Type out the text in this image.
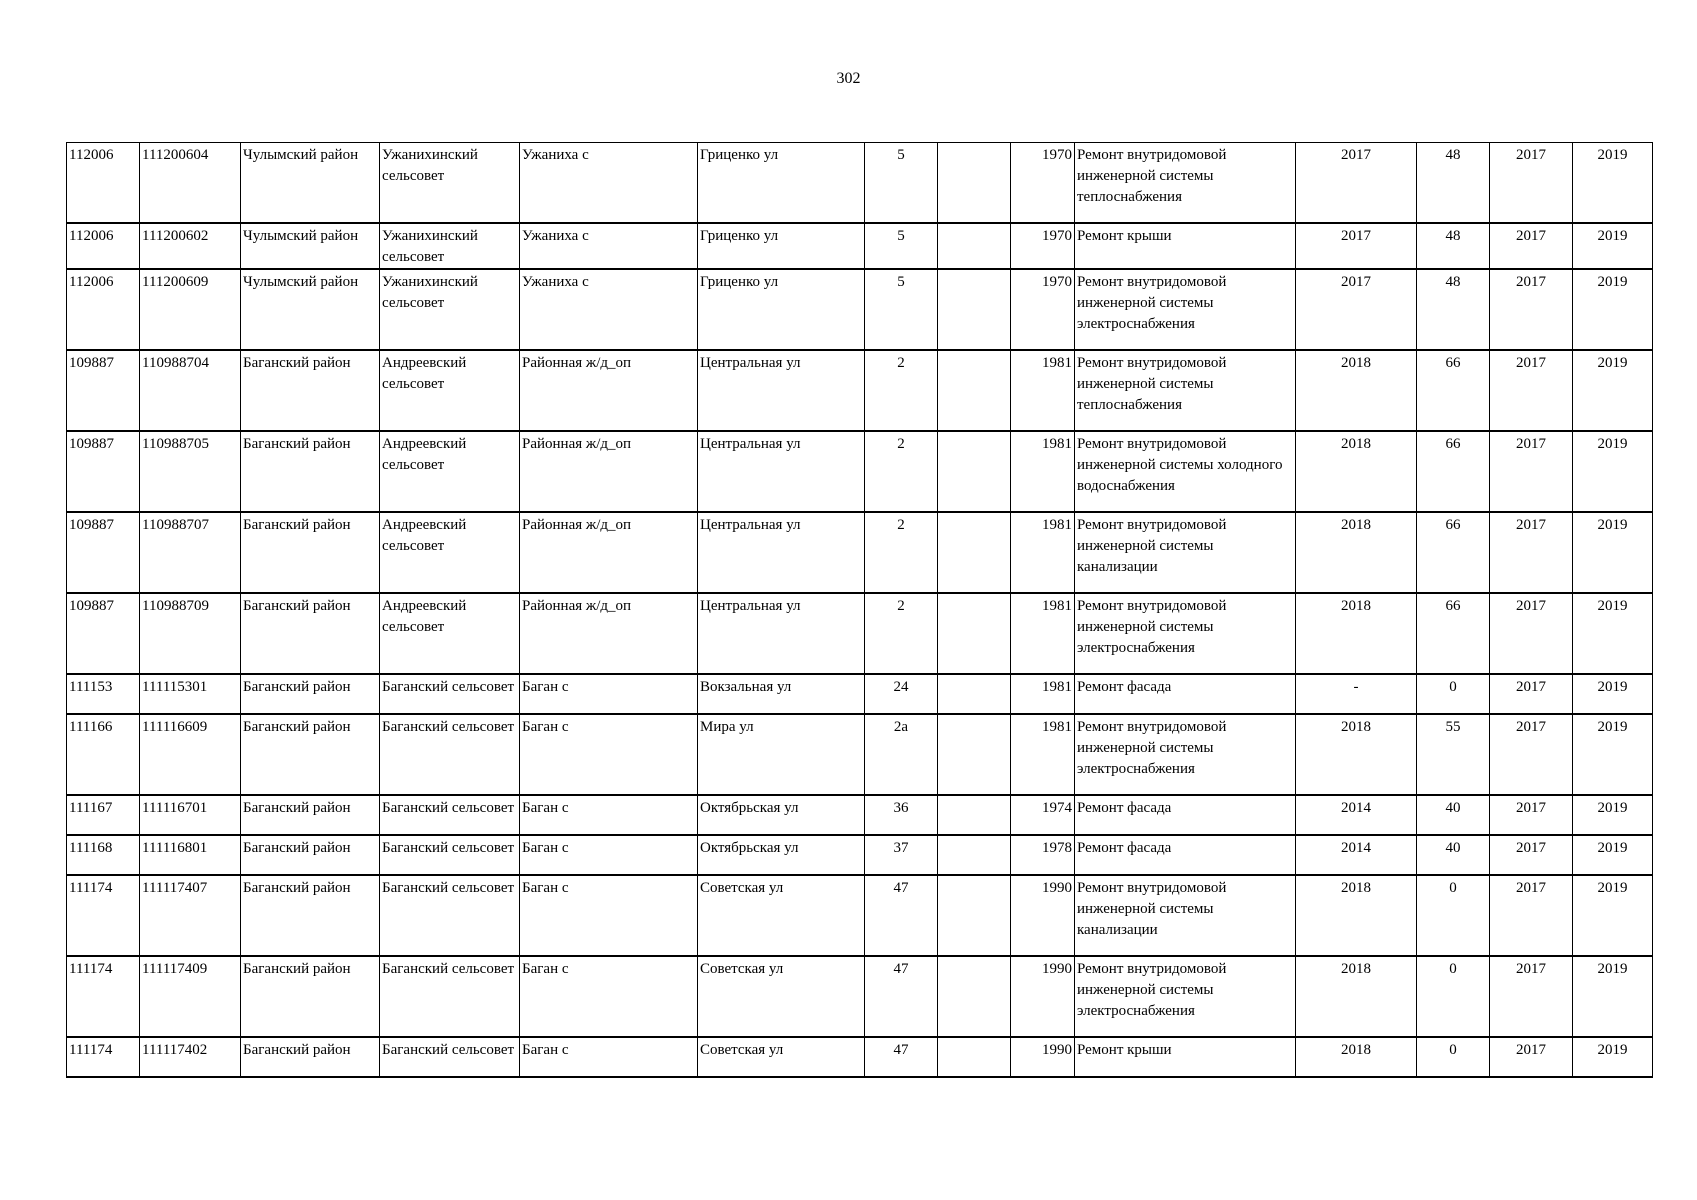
302
112006	111200604	Чулымский район	Ужанихинский сельсовет	Ужаниха с	Гриценко ул	5		1970	Ремонт внутридомовой инженерной системы теплоснабжения	2017	48	2017	2019
112006	111200602	Чулымский район	Ужанихинский сельсовет	Ужаниха с	Гриценко ул	5		1970	Ремонт крыши	2017	48	2017	2019
112006	111200609	Чулымский район	Ужанихинский сельсовет	Ужаниха с	Гриценко ул	5		1970	Ремонт внутридомовой инженерной системы электроснабжения	2017	48	2017	2019
109887	110988704	Баганский район	Андреевский сельсовет	Районная ж/д_оп	Центральная ул	2		1981	Ремонт внутридомовой инженерной системы теплоснабжения	2018	66	2017	2019
109887	110988705	Баганский район	Андреевский сельсовет	Районная ж/д_оп	Центральная ул	2		1981	Ремонт внутридомовой инженерной системы холодного водоснабжения	2018	66	2017	2019
109887	110988707	Баганский район	Андреевский сельсовет	Районная ж/д_оп	Центральная ул	2		1981	Ремонт внутридомовой инженерной системы канализации	2018	66	2017	2019
109887	110988709	Баганский район	Андреевский сельсовет	Районная ж/д_оп	Центральная ул	2		1981	Ремонт внутридомовой инженерной системы электроснабжения	2018	66	2017	2019
111153	111115301	Баганский район	Баганский сельсовет	Баган с	Вокзальная ул	24		1981	Ремонт фасада	-	0	2017	2019
111166	111116609	Баганский район	Баганский сельсовет	Баган с	Мира ул	2а		1981	Ремонт внутридомовой инженерной системы электроснабжения	2018	55	2017	2019
111167	111116701	Баганский район	Баганский сельсовет	Баган с	Октябрьская ул	36		1974	Ремонт фасада	2014	40	2017	2019
111168	111116801	Баганский район	Баганский сельсовет	Баган с	Октябрьская ул	37		1978	Ремонт фасада	2014	40	2017	2019
111174	111117407	Баганский район	Баганский сельсовет	Баган с	Советская ул	47		1990	Ремонт внутридомовой инженерной системы канализации	2018	0	2017	2019
111174	111117409	Баганский район	Баганский сельсовет	Баган с	Советская ул	47		1990	Ремонт внутридомовой инженерной системы электроснабжения	2018	0	2017	2019
111174	111117402	Баганский район	Баганский сельсовет	Баган с	Советская ул	47		1990	Ремонт крыши	2018	0	2017	2019
